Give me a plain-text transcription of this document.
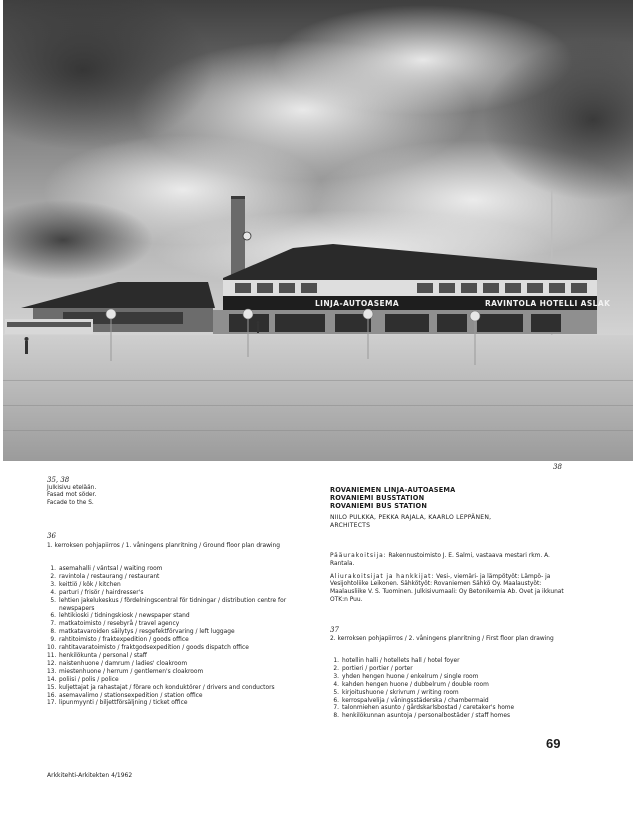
LINJA-AUTOASEMA	RAVINTOLA HOTELLI ASLAK
35, 38
38
Julkisivu etelään.
Fasad mot söder.
Facade to the S.
ROVANIEMEN LINJA-AUTOASEMA
ROVANIEMI BUSSTATION
ROVANIEMI BUS STATION
NIILO PULKKA, PEKKA RAJALA, KAARLO LEPPÄNEN,
ARCHITECTS
36
1. kerroksen pohjapiirros / 1. våningens planritning / Ground floor plan drawing
1. asemahalli / väntsal / waiting room
2. ravintola / restaurang / restaurant
3. keittiö / kök / kitchen
4. parturi / frisör / hairdresser's
5. lehtien jakelukeskus / fördelningscentral för tidningar / distribution centre for newspapers
6. lehtikioski / tidningskiosk / newspaper stand
7. matkatoimisto / resebyrå / travel agency
8. matkatavaroiden säilytys / resgefektförvaring / left luggage
9. rahtitoimisto / fraktexpedition / goods office
10. rahtitavaratoimisto / fraktgodsexpedition / goods dispatch office
11. henkilökunta / personal / staff
12. naistenhuone / damrum / ladies' cloakroom
13. miestenhuone / herrum / gentlemen's cloakroom
14. poliisi / polis / police
15. kuljettajat ja rahastajat / förare och konduktörer / drivers and conductors
16. asemavalimo / stationsexpedition / station office
17. lipunmyynti / biljettförsäljning / ticket office

Pääurakoitsija: Rakennustoimisto J. E. Salmi, vastaava mestari rkm. A. Rantala.

Aliurakoitsijat ja hankkijat: Vesi-, viemäri- ja lämpötyöt: Lämpö- ja Vesijohtoliike Leikonen. Sähkötyöt: Rovaniemen Sähkö Oy. Maalaustyöt: Maalausliike V. S. Tuominen. Julkisivumaali: Oy Betonikemia Ab. Ovet ja ikkunat OTK:n Puu.

37
2. kerroksen pohjapiirros / 2. våningens planritning / First floor plan drawing
1. hotellin halli / hotellets hall / hotel foyer
2. portieri / portier / porter
3. yhden hengen huone / enkelrum / single room
4. kahden hengen huone / dubbelrum / double room
5. kirjoitushuone / skrivrum / writing room
6. kerrospalvelija / våningsstäderska / chambermaid
7. talonmiehen asunto / gårdskarlsbostad / caretaker's home
8. henkilökunnan asuntoja / personalbostäder / staff homes
69
Arkkitehti-Arkitekten 4/1962
